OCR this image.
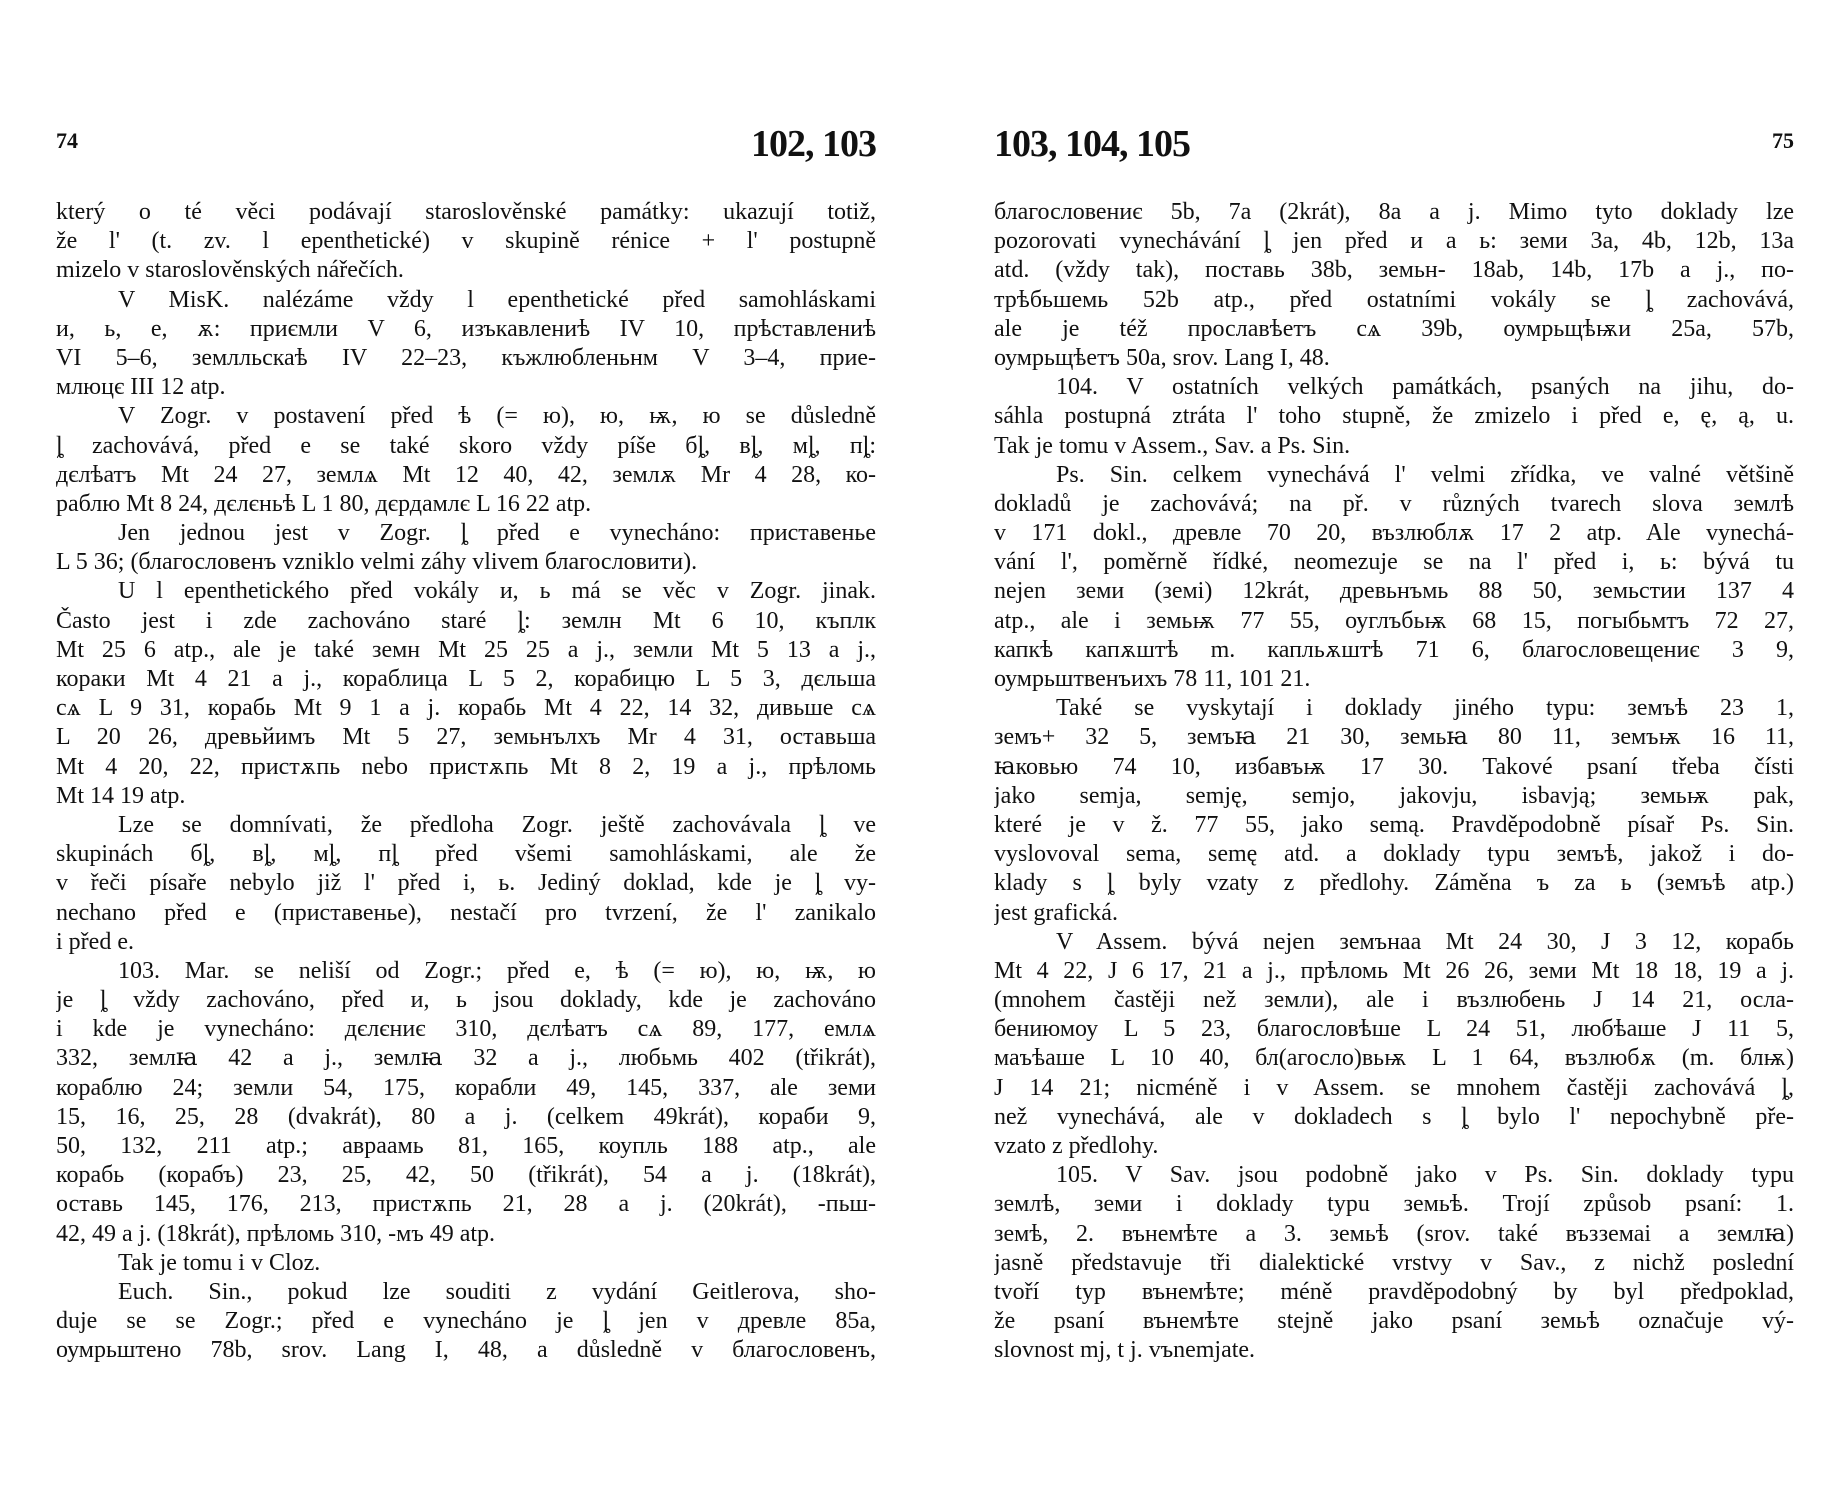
74	102, 103
který o té věci podávají staroslověnské památky: ukazují totiž,
že l' (t. zv. l epenthetické) v skupině rénice + l' postupně
mizelo v staroslověnských nářečích.
V MisK. nalézáme vždy l epenthetické před samohláskami
и, ь, е, ѫ: приємли V 6, изъкавлениѣ IV 10, прѣставлениѣ
VI 5–6, землльскаѣ IV 22–23, къжлюбленьнм V 3–4, прие-
млюцє III 12 atp.
V Zogr. v postavení před ѣ (= ю), ю, ѭ, ю se důsledně
ȴ zachovává, před е se také skoro vždy píše бȴ, вȴ, мȴ, пȴ:
дєлѣатъ Mt 24 27, землѧ Mt 12 40, 42, землѫ Mr 4 28, ко-
раблю Mt 8 24, дєлєньѣ L 1 80, дєрдамлє L 16 22 atp.
Jen jednou jest v Zogr. ȴ před е vynecháno: приставенье
L 5 36; (благословенъ vzniklo velmi záhy vlivem благословити).
U l epenthetického před vokály и, ь má se věc v Zogr. jinak.
Často jest i zde zachováno staré ȴ: землн Mt 6 10, къплк
Mt 25 6 atp., ale je také земн Mt 25 25 a j., земли Mt 5 13 a j.,
кораки Mt 4 21 a j., кораблица L 5 2, корабицю L 5 3, дєльша
сѧ L 9 31, корабь Mt 9 1 a j. корабь Mt 4 22, 14 32, дивьше сѧ
L 20 26, древьйимъ Mt 5 27, земьнълхъ Mr 4 31, оставьша
Mt 4 20, 22, пристѫпь nebo пристѫпь Mt 8 2, 19 a j., прѣломь
Mt 14 19 atp.
Lze se domnívati, že předloha Zogr. ještě zachovávala ȴ ve
skupinách бȴ, вȴ, мȴ, пȴ před všemi samohláskami, ale že
v řeči písaře nebylo již l' před i, ь. Jediný doklad, kde je ȴ vy-
nechano před е (приставенье), nestačí pro tvrzení, že l' zanikalo
i před e.
103. Mar. se neliší od Zogr.; před е, ѣ (= ю), ю, ѭ, ю
je ȴ vždy zachováno, před и, ь jsou doklady, kde je zachováno
i kde je vynecháno: дєлєниє 310, дєлѣатъ сѧ 89, 177, емлѧ
332, землꙗ 42 a j., землꙗ 32 a j., любьмь 402 (třikrát),
кораблю 24; земли 54, 175, корабли 49, 145, 337, ale земи
15, 16, 25, 28 (dvakrát), 80 a j. (celkem 49krát), кораби 9,
50, 132, 211 atp.; авраамь 81, 165, коупль 188 atp., ale
корабь (корабъ) 23, 25, 42, 50 (třikrát), 54 a j. (18krát),
оставь 145, 176, 213, пристѫпь 21, 28 a j. (20krát), -пьш-
42, 49 a j. (18krát), прѣломь 310, -мъ 49 atp.
Tak je tomu i v Cloz.
Euch. Sin., pokud lze souditi z vydání Geitlerova, sho-
duje se se Zogr.; před е vynecháno je ȴ jen v древле 85a,
оумрьштено 78b, srov. Lang I, 48, a důsledně v благословенъ,
103, 104, 105	75
благословениє 5b, 7a (2krát), 8a a j. Mimo tyto doklady lze
pozorovati vynechávání ȴ jen před и a ь: земи 3a, 4b, 12b, 13a
atd. (vždy tak), поставь 38b, земьн- 18ab, 14b, 17b a j., по-
трѣбьшемь 52b atp., před ostatními vokály se ȴ zachovává,
ale je též прославѣетъ сѧ 39b, оумрьщѣѭи 25a, 57b,
оумрьщѣетъ 50a, srov. Lang I, 48.
104. V ostatních velkých památkách, psaných na jihu, do-
sáhla postupná ztráta l' toho stupně, že zmizelo i před e, ę, ą, u.
Tak je tomu v Assem., Sav. a Ps. Sin.
Ps. Sin. celkem vynechává l' velmi zřídka, ve valné většině
dokladů je zachovává; na př. v různých tvarech slova землѣ
v 171 dokl., древле 70 20, възлюблѫ 17 2 atp. Ale vynechá-
vání l', poměrně řídké, neomezuje se na l' před i, ь: bývá tu
nejen земи (земі) 12krát, древьнъмь 88 50, земьстии 137 4
atp., ale i земьѭ 77 55, оуглъбьѭ 68 15, погыбьмтъ 72 27,
капкѣ капѫштѣ m. капльѫштѣ 71 6, благословещениє 3 9,
оумрьштвенъихъ 78 11, 101 21.
Také se vyskytají i doklady jiného typu: земъѣ 23 1,
земъ+ 32 5, земъꙗ 21 30, земьꙗ 80 11, земъѭ 16 11,
ꙗковью 74 10, избавъѭ 17 30. Takové psaní třeba čísti
jako semja, semję, semjo, jakovju, isbavją; земьѭ pak,
které je v ž. 77 55, jako semą. Pravděpodobně písař Ps. Sin.
vyslovoval sema, semę atd. a doklady typu земъѣ, jakož i do-
klady s ȴ byly vzaty z předlohy. Záměna ъ za ь (земъѣ atp.)
jest grafická.
V Assem. bývá nejen земънаа Mt 24 30, J 3 12, корабь
Mt 4 22, J 6 17, 21 a j., прѣломь Mt 26 26, земи Mt 18 18, 19 a j.
(mnohem častěji než земли), ale i възлюбень J 14 21, ослa-
бениюмоу L 5 23, благословѣше L 24 51, любѣаше J 11 5,
маъѣаше L 10 40, бл(агосло)вьѭ L 1 64, възлюбѫ (m. блѭ)
J 14 21; nicméně i v Assem. se mnohem častěji zachovává ȴ,
než vynechává, ale v dokladech s ȴ bylo l' nepochybně pře-
vzato z předlohy.
105. V Sav. jsou podobně jako v Ps. Sin. doklady typu
землѣ, земи i doklady typu земьѣ. Trojí způsob psaní: 1.
земѣ, 2. вънемѣте a 3. земьѣ (srov. také възземаі a землꙗ)
jasně představuje tři dialektické vrstvy v Sav., z nichž poslední
tvoří typ вънемѣте; méně pravděpodobný by byl předpoklad,
že psaní вънемѣте stejně jako psaní земьѣ označuje vý-
slovnost mj, t j. vъnemjate.
